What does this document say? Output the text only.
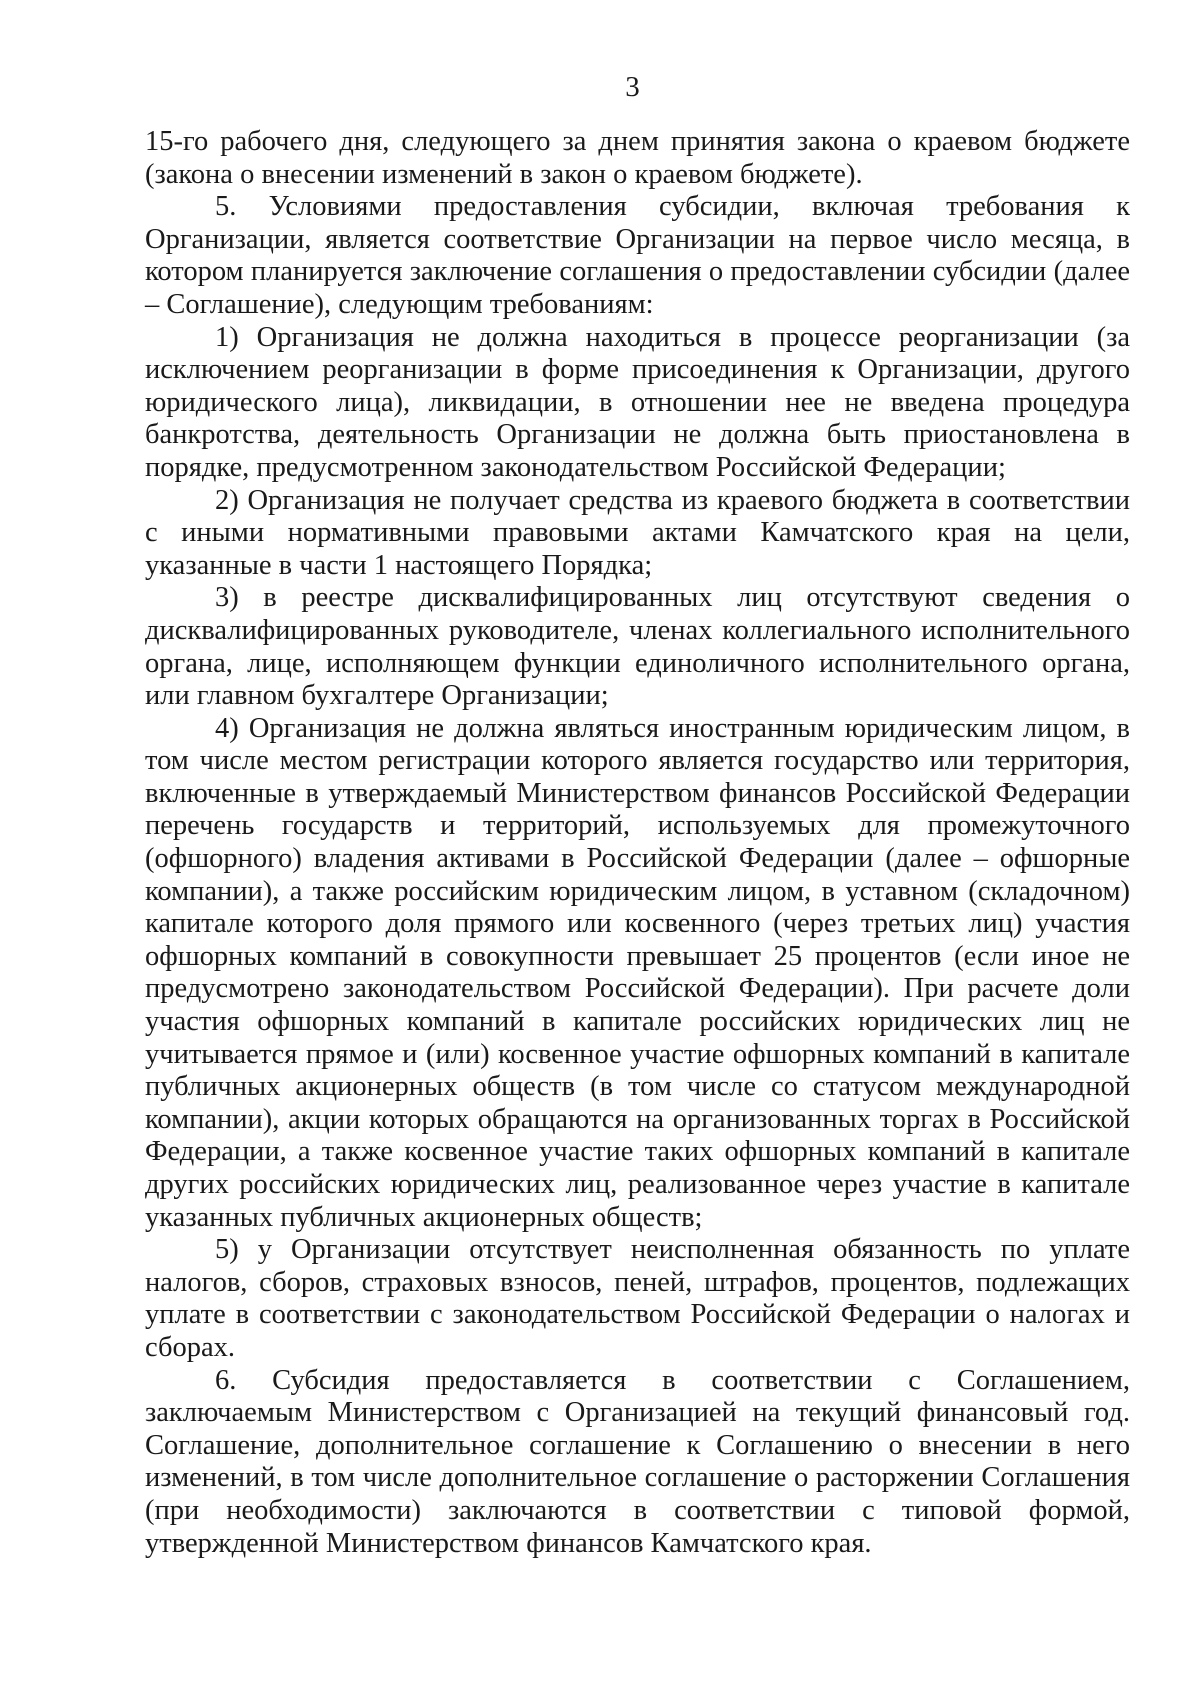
3

15-го рабочего дня, следующего за днем принятия закона о краевом бюджете (закона о внесении изменений в закон о краевом бюджете).

5. Условиями предоставления субсидии, включая требования к Организации, является соответствие Организации на первое число месяца, в котором планируется заключение соглашения о предоставлении субсидии (далее – Соглашение), следующим требованиям:

1) Организация не должна находиться в процессе реорганизации (за исключением реорганизации в форме присоединения к Организации, другого юридического лица), ликвидации, в отношении нее не введена процедура банкротства, деятельность Организации не должна быть приостановлена в порядке, предусмотренном законодательством Российской Федерации;

2) Организация не получает средства из краевого бюджета в соответствии с иными нормативными правовыми актами Камчатского края на цели, указанные в части 1 настоящего Порядка;

3) в реестре дисквалифицированных лиц отсутствуют сведения о дисквалифицированных руководителе, членах коллегиального исполнительного органа, лице, исполняющем функции единоличного исполнительного органа, или главном бухгалтере Организации;

4) Организация не должна являться иностранным юридическим лицом, в том числе местом регистрации которого является государство или территория, включенные в утверждаемый Министерством финансов Российской Федерации перечень государств и территорий, используемых для промежуточного (офшорного) владения активами в Российской Федерации (далее – офшорные компании), а также российским юридическим лицом, в уставном (складочном) капитале которого доля прямого или косвенного (через третьих лиц) участия офшорных компаний в совокупности превышает 25 процентов (если иное не предусмотрено законодательством Российской Федерации). При расчете доли участия офшорных компаний в капитале российских юридических лиц не учитывается прямое и (или) косвенное участие офшорных компаний в капитале публичных акционерных обществ (в том числе со статусом международной компании), акции которых обращаются на организованных торгах в Российской Федерации, а также косвенное участие таких офшорных компаний в капитале других российских юридических лиц, реализованное через участие в капитале указанных публичных акционерных обществ;

5) у Организации отсутствует неисполненная обязанность по уплате налогов, сборов, страховых взносов, пеней, штрафов, процентов, подлежащих уплате в соответствии с законодательством Российской Федерации о налогах и сборах.

6. Субсидия предоставляется в соответствии с Соглашением, заключаемым Министерством с Организацией на текущий финансовый год. Соглашение, дополнительное соглашение к Соглашению о внесении в него изменений, в том числе дополнительное соглашение о расторжении Соглашения (при необходимости) заключаются в соответствии с типовой формой, утвержденной Министерством финансов Камчатского края.
